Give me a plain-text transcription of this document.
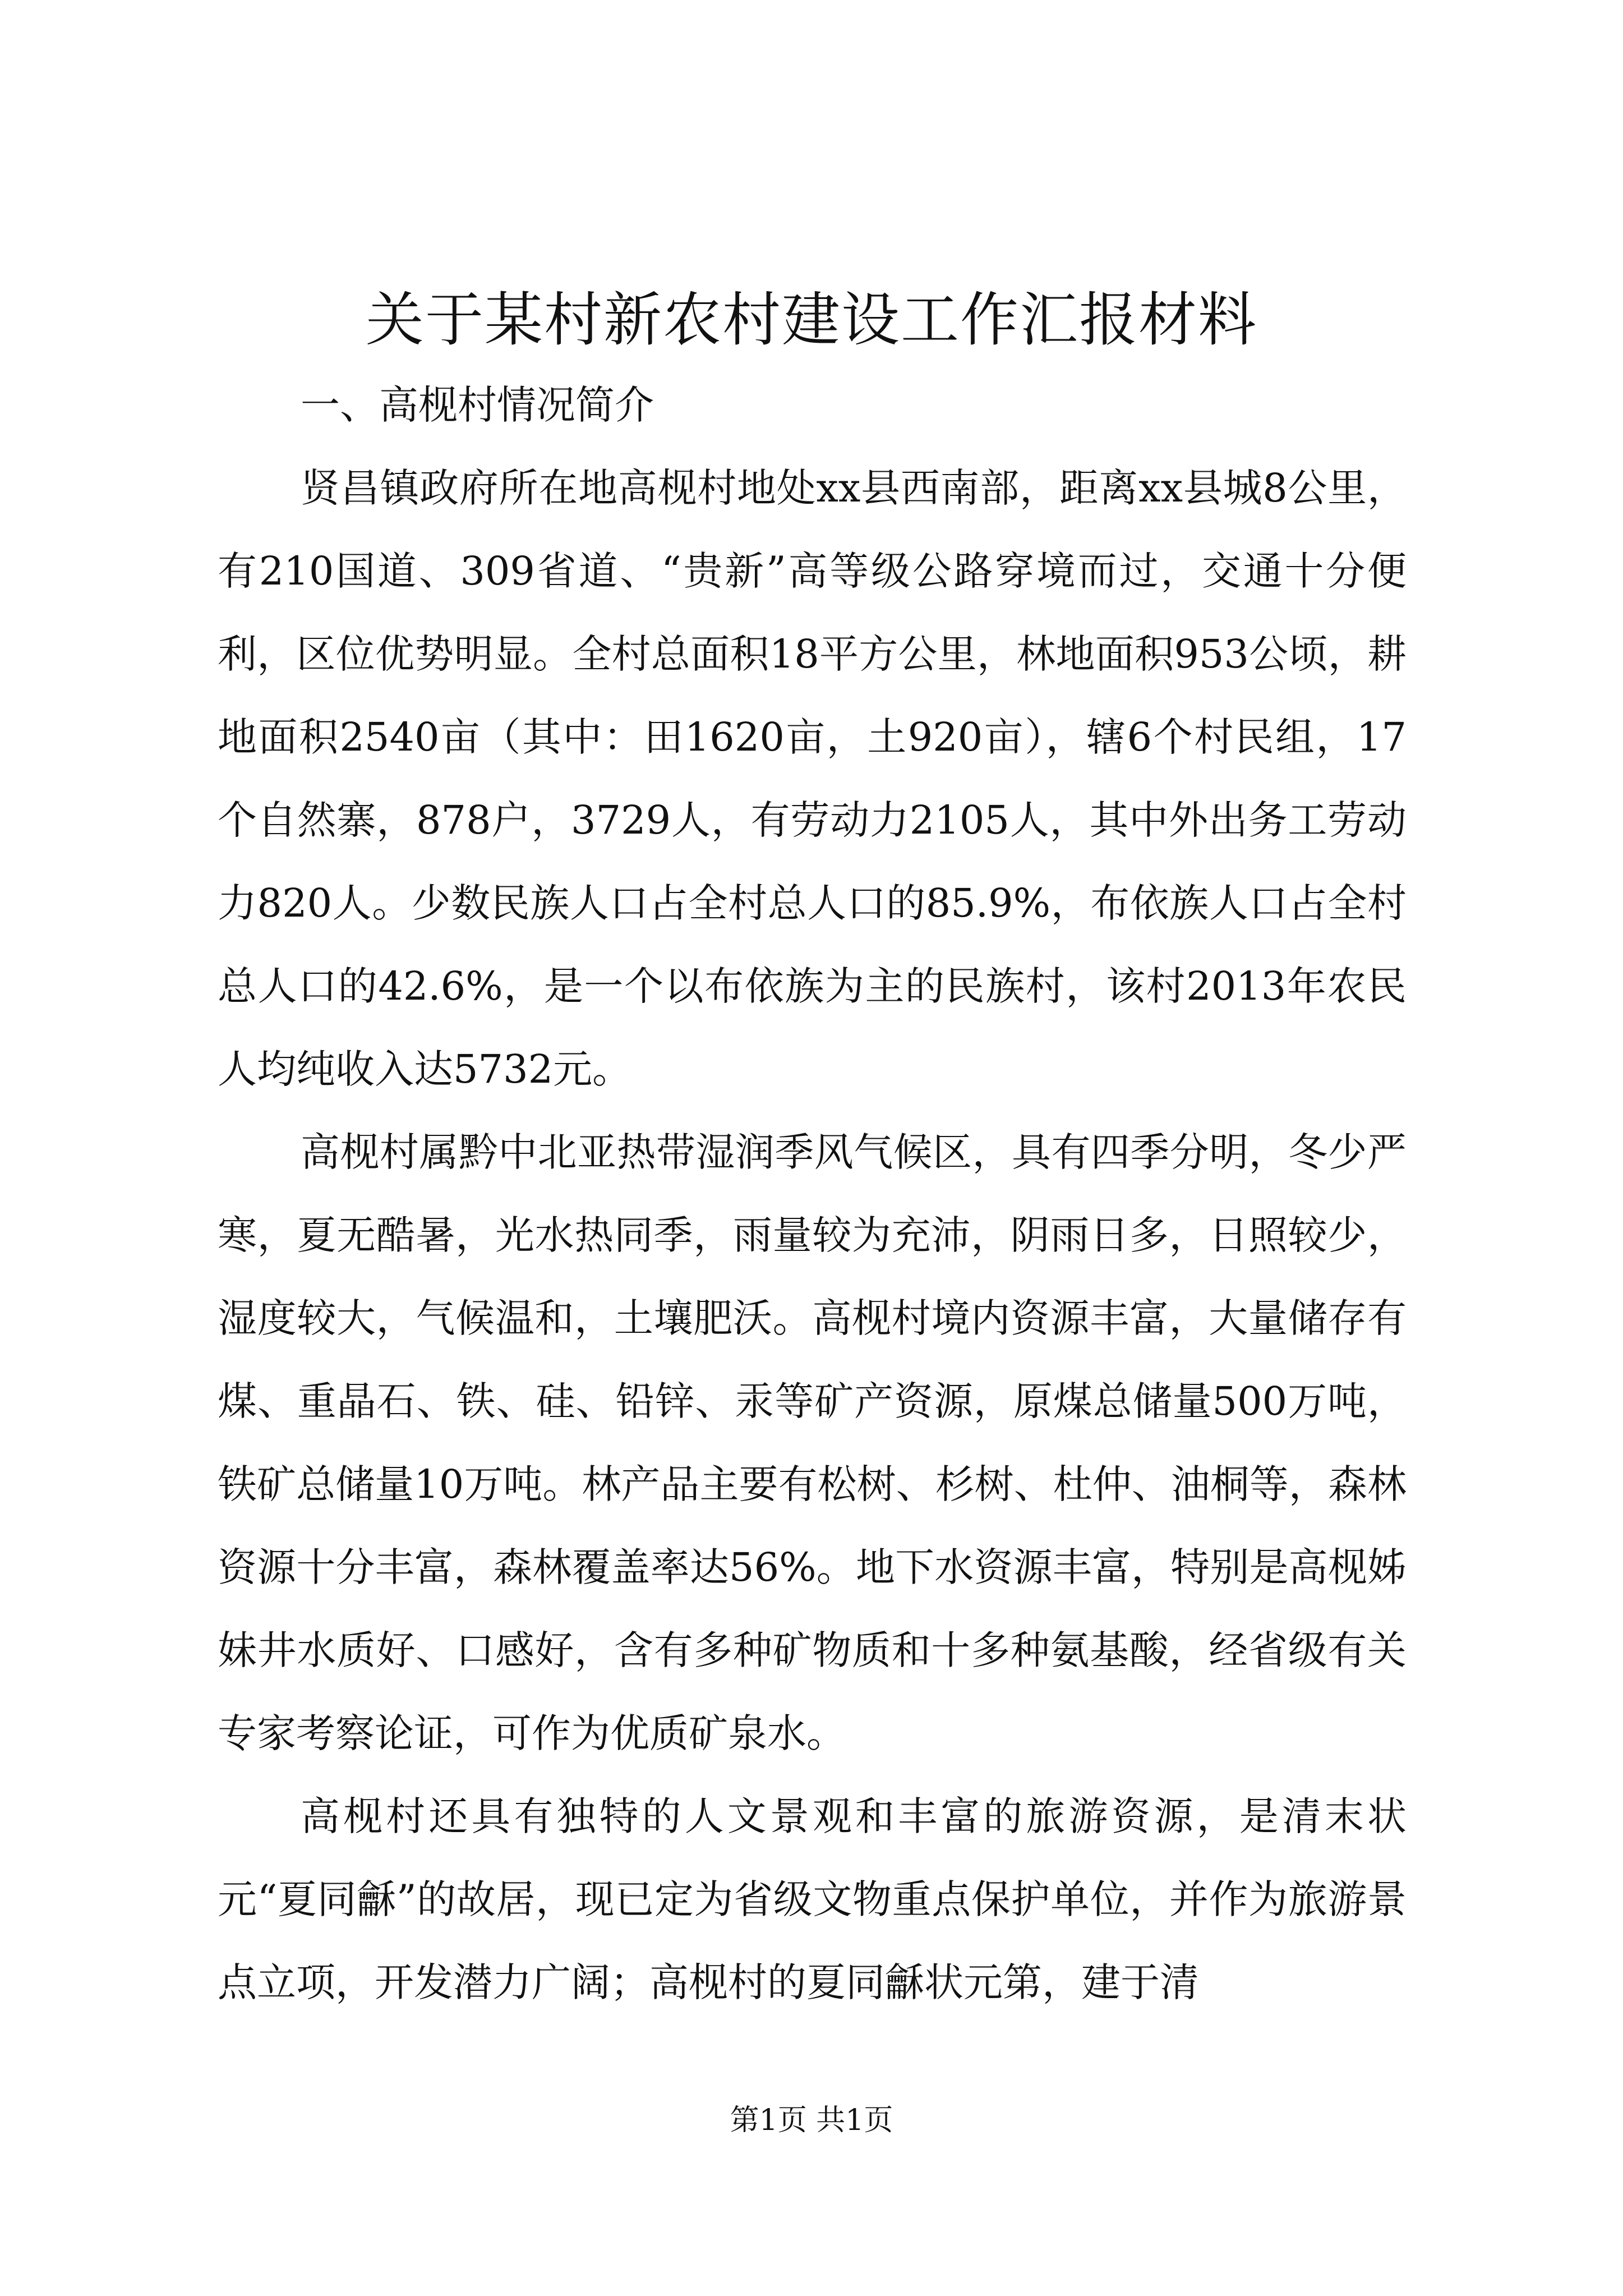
关于某村新农村建设工作汇报材料

一、高枧村情况简介

贤昌镇政府所在地高枧村地处xx县西南部，距离xx县城8公里，有210国道、309省道、“贵新”高等级公路穿境而过，交通十分便利，区位优势明显。全村总面积18平方公里，林地面积953公顷，耕地面积2540亩（其中：田1620亩，土920亩），辖6个村民组，17个自然寨，878户，3729人，有劳动力2105人，其中外出务工劳动力820人。少数民族人口占全村总人口的85.9%，布依族人口占全村总人口的42.6%，是一个以布依族为主的民族村，该村2013年农民人均纯收入达5732元。

高枧村属黔中北亚热带湿润季风气候区，具有四季分明，冬少严寒，夏无酷暑，光水热同季，雨量较为充沛，阴雨日多，日照较少，湿度较大，气候温和，土壤肥沃。高枧村境内资源丰富，大量储存有煤、重晶石、铁、硅、铅锌、汞等矿产资源，原煤总储量500万吨，铁矿总储量10万吨。林产品主要有松树、杉树、杜仲、油桐等，森林资源十分丰富，森林覆盖率达56%。地下水资源丰富，特别是高枧姊妹井水质好、口感好，含有多种矿物质和十多种氨基酸，经省级有关专家考察论证，可作为优质矿泉水。

高枧村还具有独特的人文景观和丰富的旅游资源，是清末状元“夏同龢”的故居，现已定为省级文物重点保护单位，并作为旅游景点立项，开发潜力广阔；高枧村的夏同龢状元第，建于清

第1页 共1页
